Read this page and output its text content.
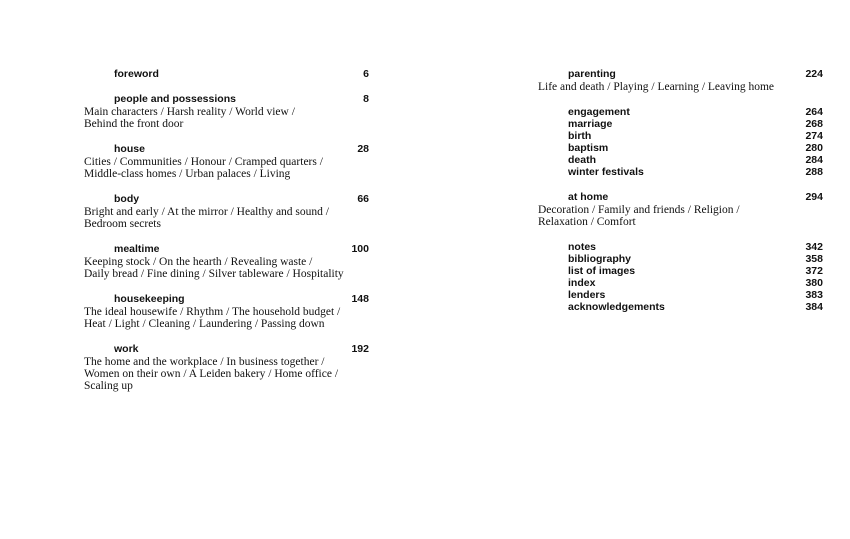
foreword	6
people and possessions	8
Main characters / Harsh reality / World view /
Behind the front door
house	28
Cities / Communities / Honour / Cramped quarters /
Middle-class homes / Urban palaces / Living
body	66
Bright and early / At the mirror / Healthy and sound /
Bedroom secrets
mealtime	100
Keeping stock / On the hearth / Revealing waste /
Daily bread / Fine dining / Silver tableware / Hospitality
housekeeping	148
The ideal housewife / Rhythm / The household budget /
Heat / Light / Cleaning / Laundering / Passing down
work	192
The home and the workplace / In business together /
Women on their own / A Leiden bakery / Home office /
Scaling up
parenting	224
Life and death / Playing / Learning / Leaving home
engagement	264
marriage	268
birth	274
baptism	280
death	284
winter festivals	288
at home	294
Decoration / Family and friends / Religion /
Relaxation / Comfort
notes	342
bibliography	358
list of images	372
index	380
lenders	383
acknowledgements	384
